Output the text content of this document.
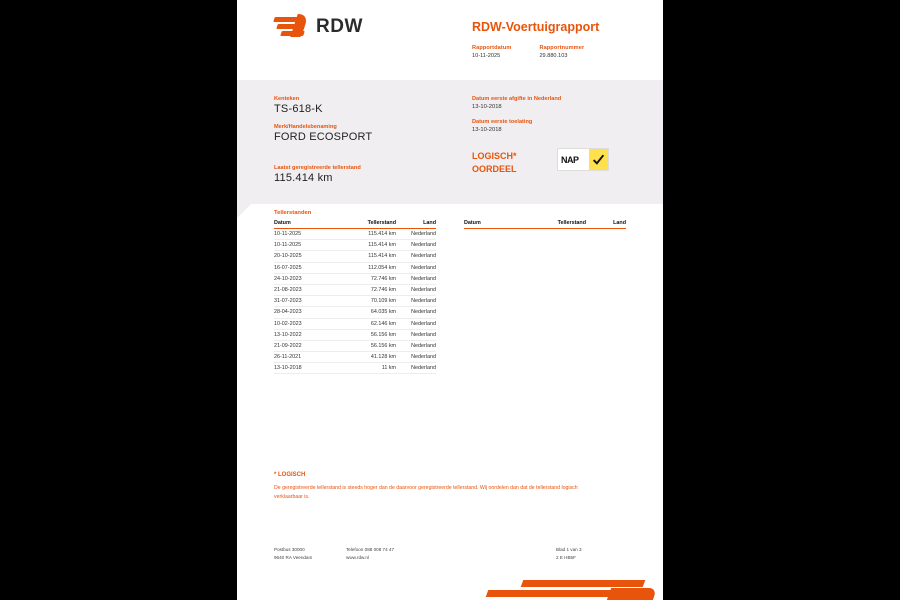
RDW	RDW-Voertuigrapport
Rapportdatum
10-11-2025
Rapportnummer
29.880.103
Kenteken
TS-618-K
Merk/Handelsbenaming
FORD ECOSPORT
Laatst geregistreerde tellerstand
115.414 km
Datum eerste afgifte in Nederland
13-10-2018
Datum eerste toelating
13-10-2018
LOGISCH*
OORDEEL
NAP
Tellerstanden
Datum	Tellerstand	Land
10-11-2025	115.414 km	Nederland
10-11-2025	115.414 km	Nederland
20-10-2025	115.414 km	Nederland
16-07-2025	112.054 km	Nederland
24-10-2023	72.746 km	Nederland
21-08-2023	72.746 km	Nederland
31-07-2023	70.109 km	Nederland
28-04-2023	64.035 km	Nederland
10-02-2023	62.146 km	Nederland
13-10-2022	56.156 km	Nederland
21-09-2022	56.156 km	Nederland
26-11-2021	41.128 km	Nederland
13-10-2018	11 km	Nederland
Datum	Tellerstand	Land
* LOGISCH
De geregistreerde tellerstand is steeds hoger dan de daarvoor geregistreerde tellerstand. Wij oordelen dan dat de tellerstand logisch verklaarbaar is.
Postbus 30000
9640 RA Veendam
Telefoon 088 008 74 47
www.rdw.nl
Blad 1 van 3
2 E HB5F
